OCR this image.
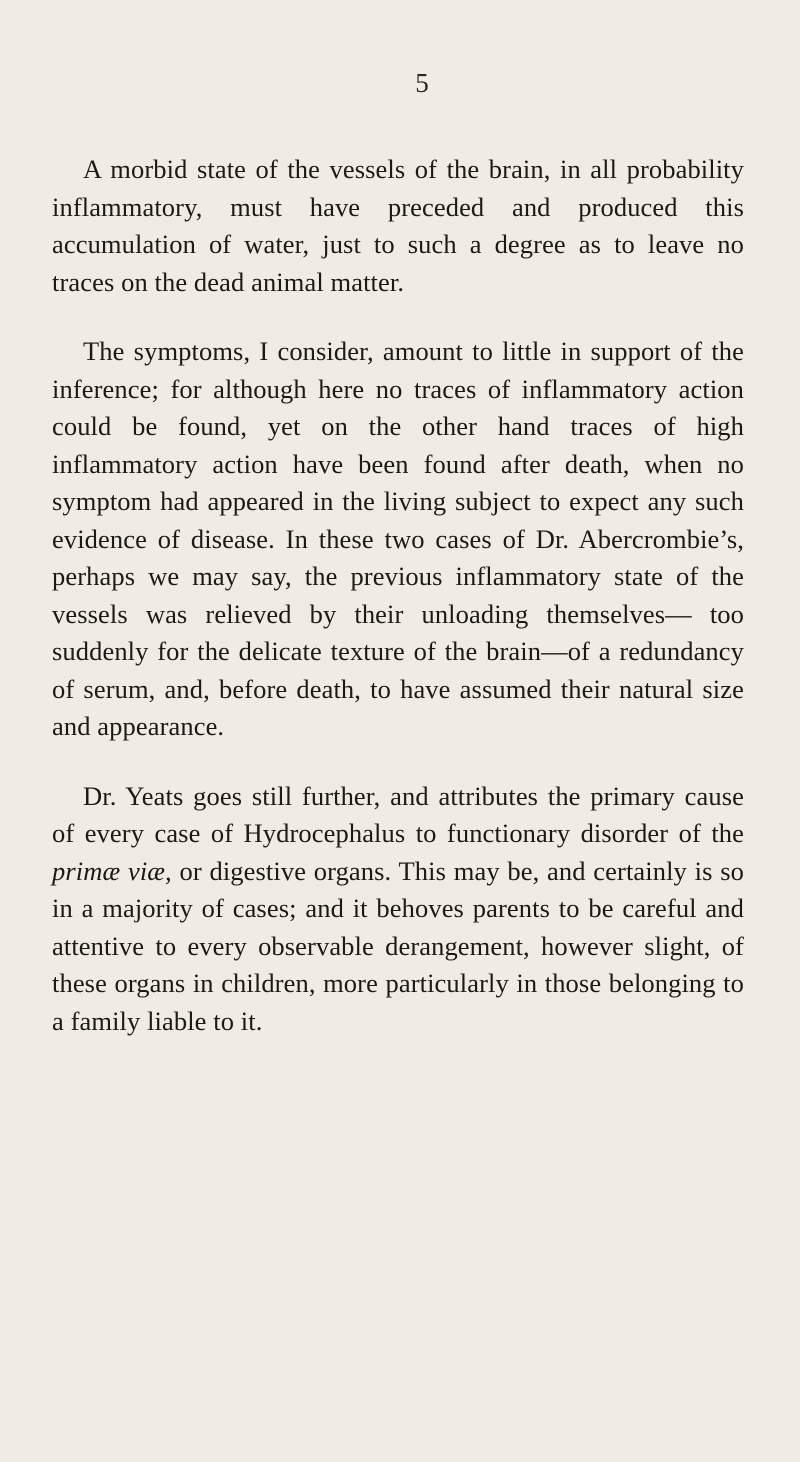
5

A morbid state of the vessels of the brain, in all probability inflammatory, must have preceded and produced this accumulation of water, just to such a degree as to leave no traces on the dead animal matter.

The symptoms, I consider, amount to little in support of the inference; for although here no traces of inflammatory action could be found, yet on the other hand traces of high inflammatory action have been found after death, when no symptom had appeared in the living subject to expect any such evidence of disease. In these two cases of Dr. Abercrombie’s, perhaps we may say, the previous inflammatory state of the vessels was relieved by their unloading themselves— too suddenly for the delicate texture of the brain—of a redundancy of serum, and, before death, to have assumed their natural size and appearance.

Dr. Yeats goes still further, and attributes the primary cause of every case of Hydrocephalus to functionary disorder of the primæ viæ, or digestive organs. This may be, and certainly is so in a majority of cases; and it behoves parents to be careful and attentive to every observable derangement, however slight, of these organs in children, more particularly in those belonging to a family liable to it.
